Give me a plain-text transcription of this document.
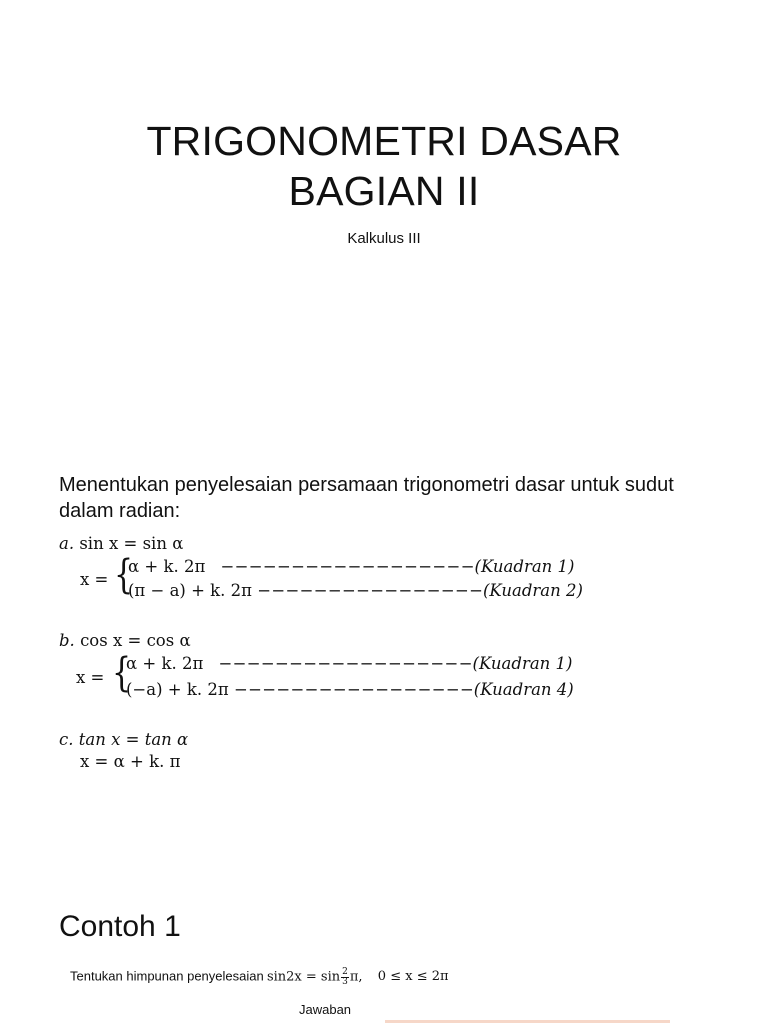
TRIGONOMETRI DASAR
BAGIAN II
Kalkulus III
Menentukan penyelesaian persamaan trigonometri dasar untuk sudut dalam radian:
a. sin x = sin α
x = {
α + k. 2π −−−−−−−−−−−−−−−−−−(Kuadran 1)
(π − a) + k. 2π −−−−−−−−−−−−−−−−(Kuadran 2)
b. cos x = cos α
x = {
α + k. 2π −−−−−−−−−−−−−−−−−−(Kuadran 1)
(−a) + k. 2π −−−−−−−−−−−−−−−−−(Kuadran 4)
c. tan x = tan α
x = α + k. π
Contoh 1
Tentukan himpunan penyelesaian $\sin 2x = \sin \frac{2}{3} \pi$, 0 ≤ x ≤ 2π
Jawaban
